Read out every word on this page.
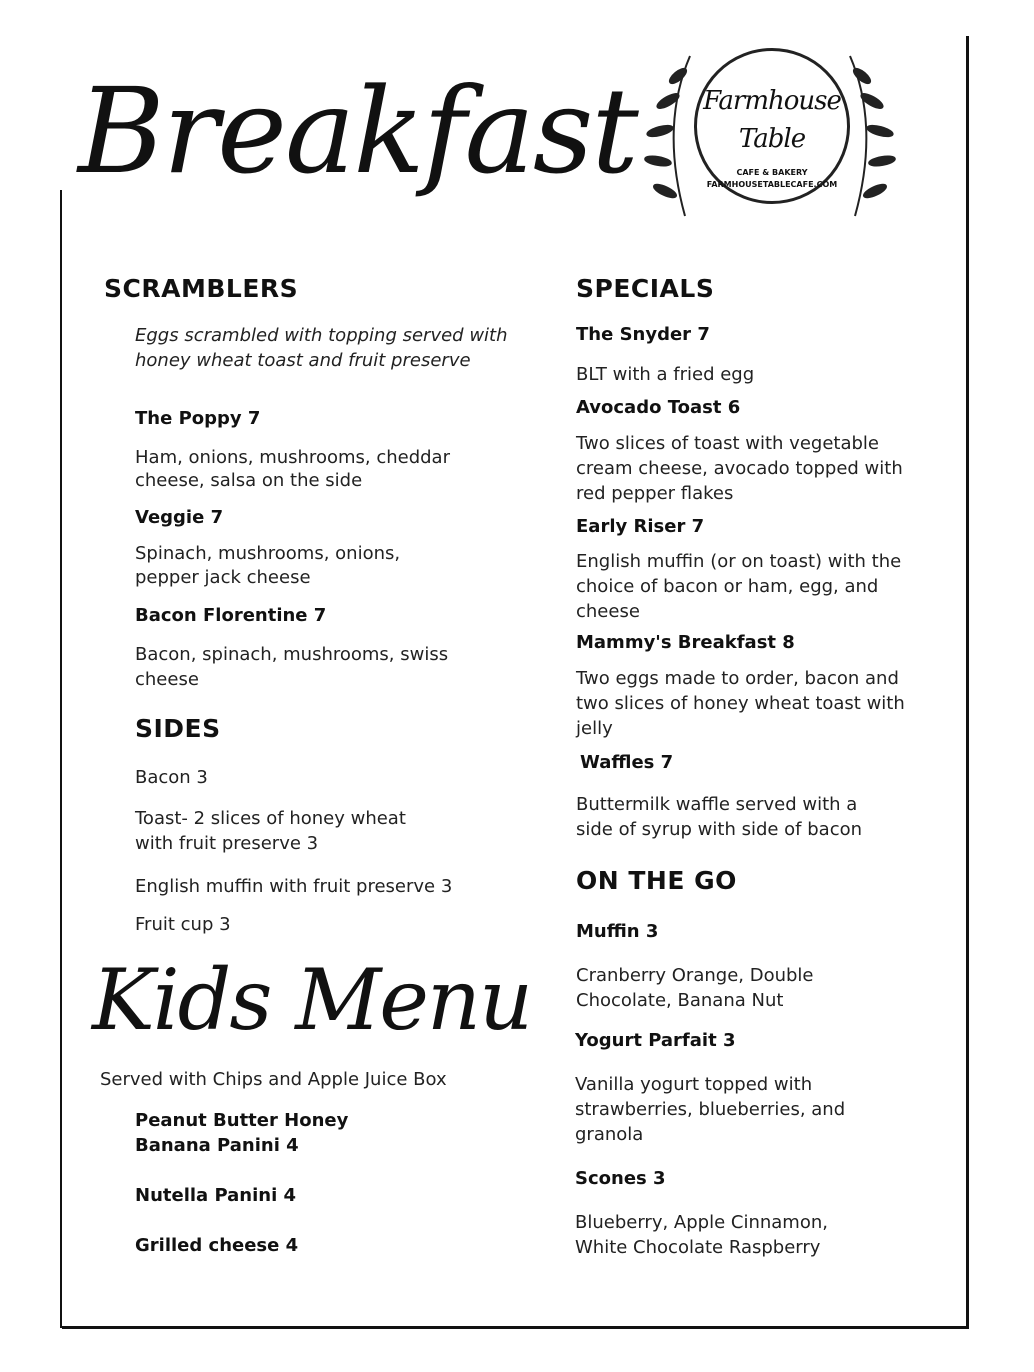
Breakfast	Farmhouse
Table
CAFE & BAKERY
FARMHOUSETABLECAFE.COM
SCRAMBLERS
Eggs scrambled with topping served with
honey wheat toast and fruit preserve
The Poppy 7
Ham, onions, mushrooms, cheddar
cheese, salsa on the side
Veggie 7
Spinach, mushrooms, onions,
pepper jack cheese
Bacon Florentine 7
Bacon, spinach, mushrooms, swiss
cheese
SIDES
Bacon 3
Toast- 2 slices of honey wheat
with fruit preserve 3
English muffin with fruit preserve 3
Fruit cup 3
Kids Menu
Served with Chips and Apple Juice Box
Peanut Butter Honey
Banana Panini 4
Nutella Panini 4
Grilled cheese 4
SPECIALS
The Snyder 7
BLT with a fried egg
Avocado Toast 6
Two slices of toast with vegetable
cream cheese, avocado topped with
red pepper flakes
Early Riser 7
English muffin (or on toast) with the
choice of bacon or ham, egg, and
cheese
Mammy's Breakfast 8
Two eggs made to order, bacon and
two slices of honey wheat toast with
jelly
Waffles 7
Buttermilk waffle served with a
side of syrup with side of bacon
ON THE GO
Muffin 3
Cranberry Orange, Double
Chocolate, Banana Nut
Yogurt Parfait 3
Vanilla yogurt topped with
strawberries, blueberries, and
granola
Scones 3
Blueberry, Apple Cinnamon,
White Chocolate Raspberry
